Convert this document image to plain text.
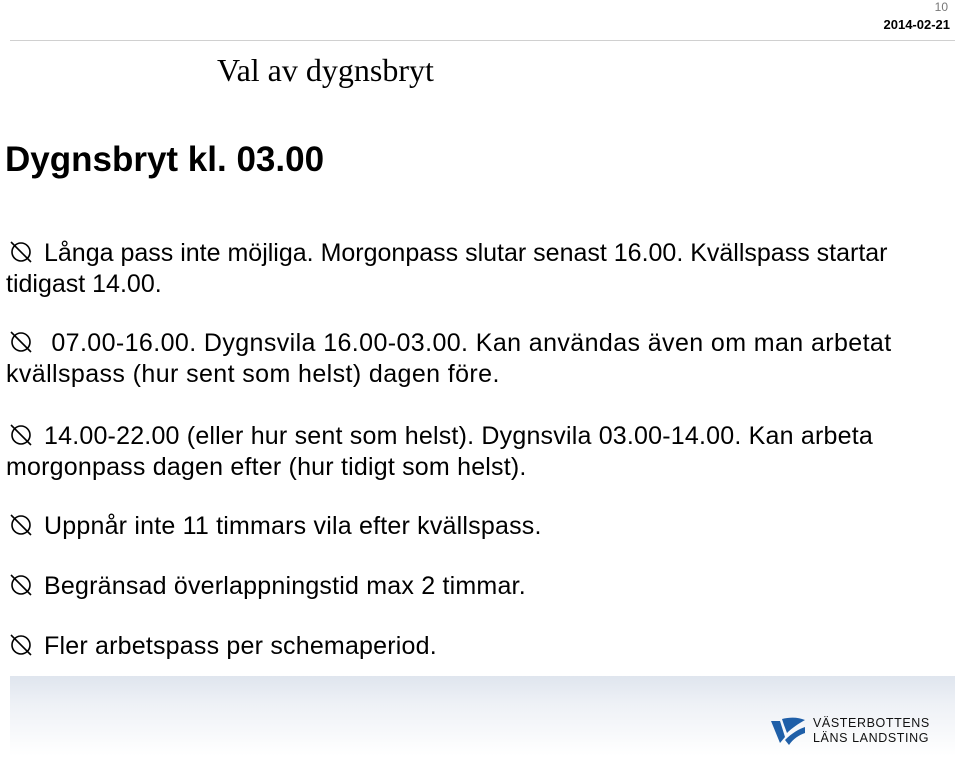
10
2014-02-21
Val av dygnsbryt
Dygnsbryt kl. 03.00
Långa pass inte möjliga. Morgonpass slutar senast 16.00. Kvällspass startar tidigast 14.00.
07.00-16.00. Dygnsvila 16.00-03.00. Kan användas även om man arbetat kvällspass (hur sent som helst) dagen före.
14.00-22.00 (eller hur sent som helst). Dygnsvila 03.00-14.00. Kan arbeta morgonpass dagen efter (hur tidigt som helst).
Uppnår inte 11 timmars vila efter kvällspass.
Begränsad överlappningstid max 2 timmar.
Fler arbetspass per schemaperiod.
VÄSTERBOTTENS
LÄNS LANDSTING
